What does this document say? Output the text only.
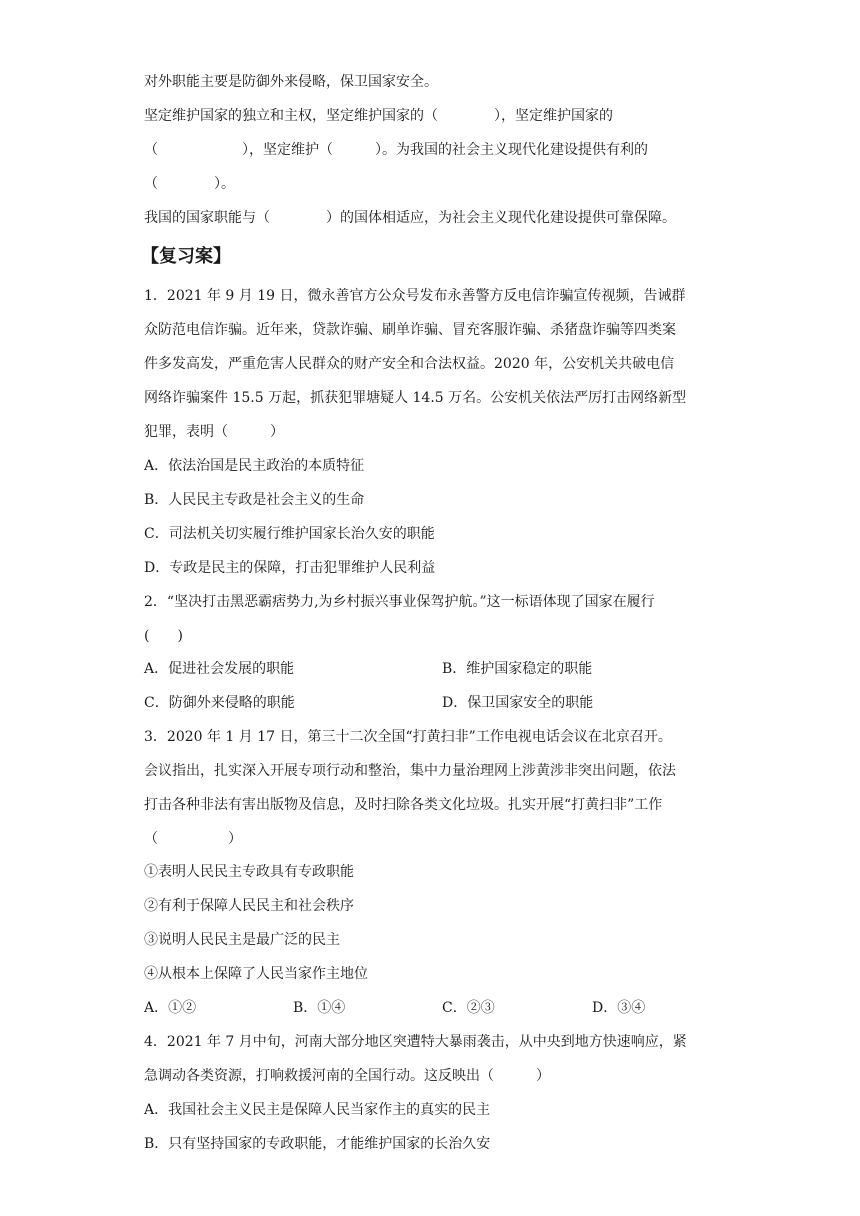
对外职能主要是防御外来侵略，保卫国家安全。
坚定维护国家的独立和主权，坚定维护国家的（　　　　），坚定维护国家的
（　　　　　　），坚定维护（　　　）。为我国的社会主义现代化建设提供有利的
（　　　　）。
我国的国家职能与（　　　　）的国体相适应，为社会主义现代化建设提供可靠保障。
【复习案】
1．2021 年 9 月 19 日，微永善官方公众号发布永善警方反电信诈骗宣传视频，告诫群
众防范电信诈骗。近年来，贷款诈骗、刷单诈骗、冒充客服诈骗、杀猪盘诈骗等四类案
件多发高发，严重危害人民群众的财产安全和合法权益。2020 年，公安机关共破电信
网络诈骗案件 15.5 万起，抓获犯罪塘疑人 14.5 万名。公安机关依法严厉打击网络新型
犯罪，表明（　　　）
A．依法治国是民主政治的本质特征
B．人民民主专政是社会主义的生命
C．司法机关切实履行维护国家长治久安的职能
D．专政是民主的保障，打击犯罪维护人民利益
2．“坚决打击黑恶霸痞势力,为乡村振兴事业保驾护航。”这一标语体现了国家在履行
(　　)
A．促进社会发展的职能	B．维护国家稳定的职能
C．防御外来侵略的职能	D．保卫国家安全的职能
3．2020 年 1 月 17 日，第三十二次全国“打黄扫非”工作电视电话会议在北京召开。
会议指出，扎实深入开展专项行动和整治，集中力量治理网上涉黄涉非突出问题，依法
打击各种非法有害出版物及信息，及时扫除各类文化垃圾。扎实开展“打黄扫非”工作
（　　　　　）
①表明人民民主专政具有专政职能
②有利于保障人民民主和社会秩序
③说明人民民主是最广泛的民主
④从根本上保障了人民当家作主地位
A．①②	B．①④	C．②③	D．③④
4．2021 年 7 月中旬，河南大部分地区突遭特大暴雨袭击，从中央到地方快速响应，紧
急调动各类资源，打响救援河南的全国行动。这反映出（　　　）
A．我国社会主义民主是保障人民当家作主的真实的民主
B．只有坚持国家的专政职能，才能维护国家的长治久安
